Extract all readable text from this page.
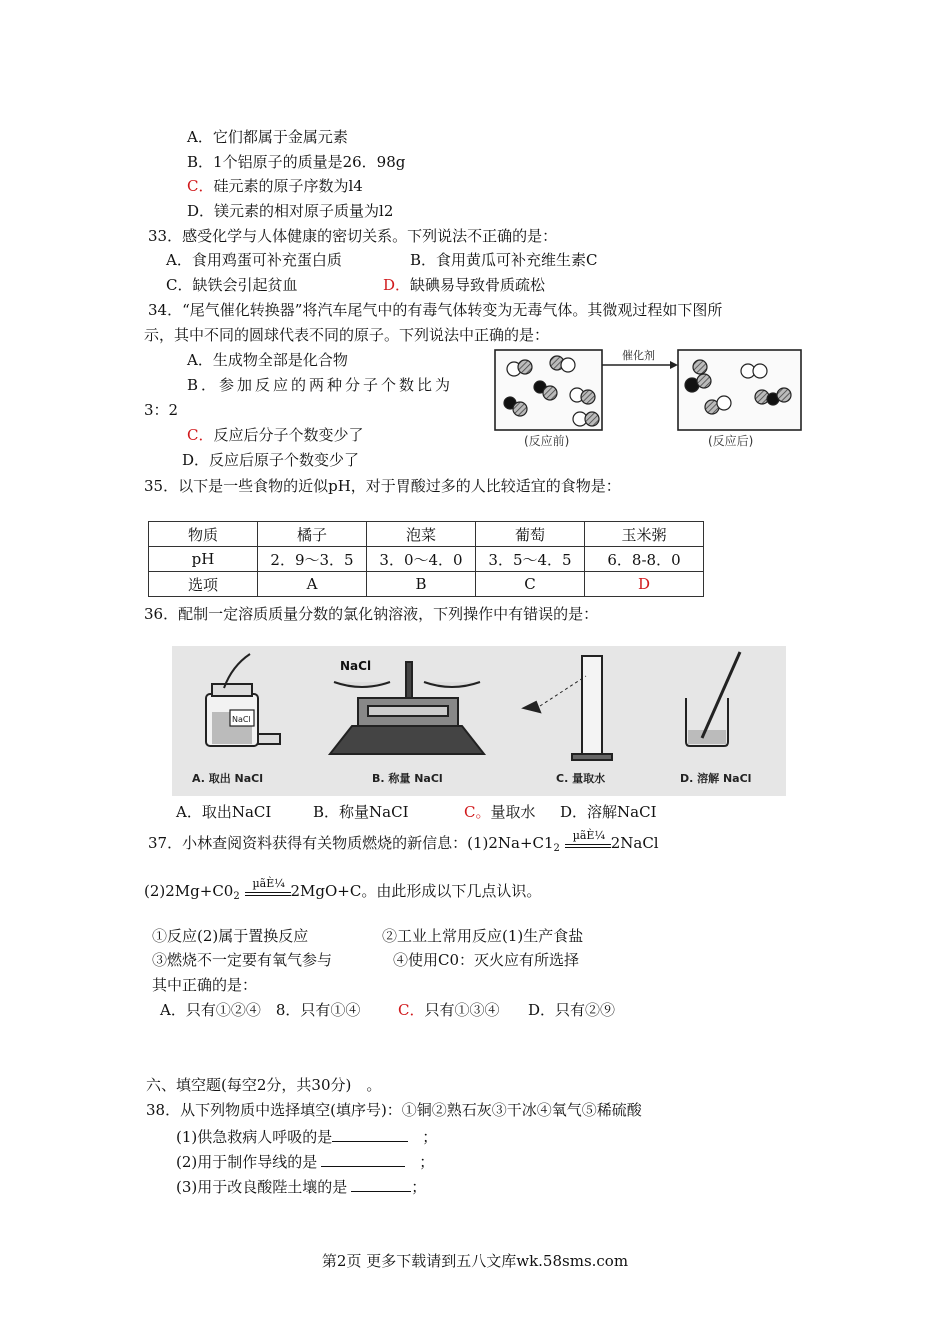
A．它们都属于金属元素
B．1个铝原子的质量是26．98g
C．硅元素的原子序数为l4
D．镁元素的相对原子质量为l2
33．感受化学与人体健康的密切关系。下列说法不正确的是：
A．食用鸡蛋可补充蛋白质	B．食用黄瓜可补充维生素C
C．缺铁会引起贫血	D．缺碘易导致骨质疏松
34．“尾气催化转换器”将汽车尾气中的有毒气体转变为无毒气体。其微观过程如下图所
示，其中不同的圆球代表不同的原子。下列说法中正确的是：
A．生成物全部是化合物
B．参加反应的两种分子个数比为
3：2
C．反应后分子个数变少了
D．反应后原子个数变少了
催化剂
(反应前)	(反应后)
35．以下是一些食物的近似pH，对于胃酸过多的人比较适宜的食物是：
物质	橘子	泡菜	葡萄	玉米粥
pH	2．9～3．5	3．0～4．0	3．5～4．5	6．8-8．0
选项	A	B	C	D
36．配制一定溶质质量分数的氯化钠溶液，下列操作中有错误的是：
NaCl
NaCl
A. 取出 NaCl	B. 称量 NaCl	C. 量取水	D. 溶解 NaCl
A．取出NaCI	B．称量NaCI	C。量取水 D．溶解NaCI
37．小林查阅资料获得有关物质燃烧的新信息：$(1)2Na+C1_2$
µãÈ¼ 2NaCl
$(2)2Mg+C0_2$
µãÈ¼ 2MgO+C。由此形成以下几点认识。
①反应(2)属于置换反应	②工业上常用反应(1)生产食盐
③燃烧不一定要有氧气参与	④使用C0：灭火应有所选择
其中正确的是：
A．只有①②④　8．只有①④	C．只有①③④ D．只有②⑨
六、填空题(每空2分，共30分)　。
38．从下列物质中选择填空(填序号)：①铜②熟石灰③干冰④氧气⑤稀硫酸
(1)供急救病人呼吸的是	；
(2)用于制作导线的是	；
(3)用于改良酸陛土壤的是	；
第2页 更多下载请到五八文库wk.58sms.com
